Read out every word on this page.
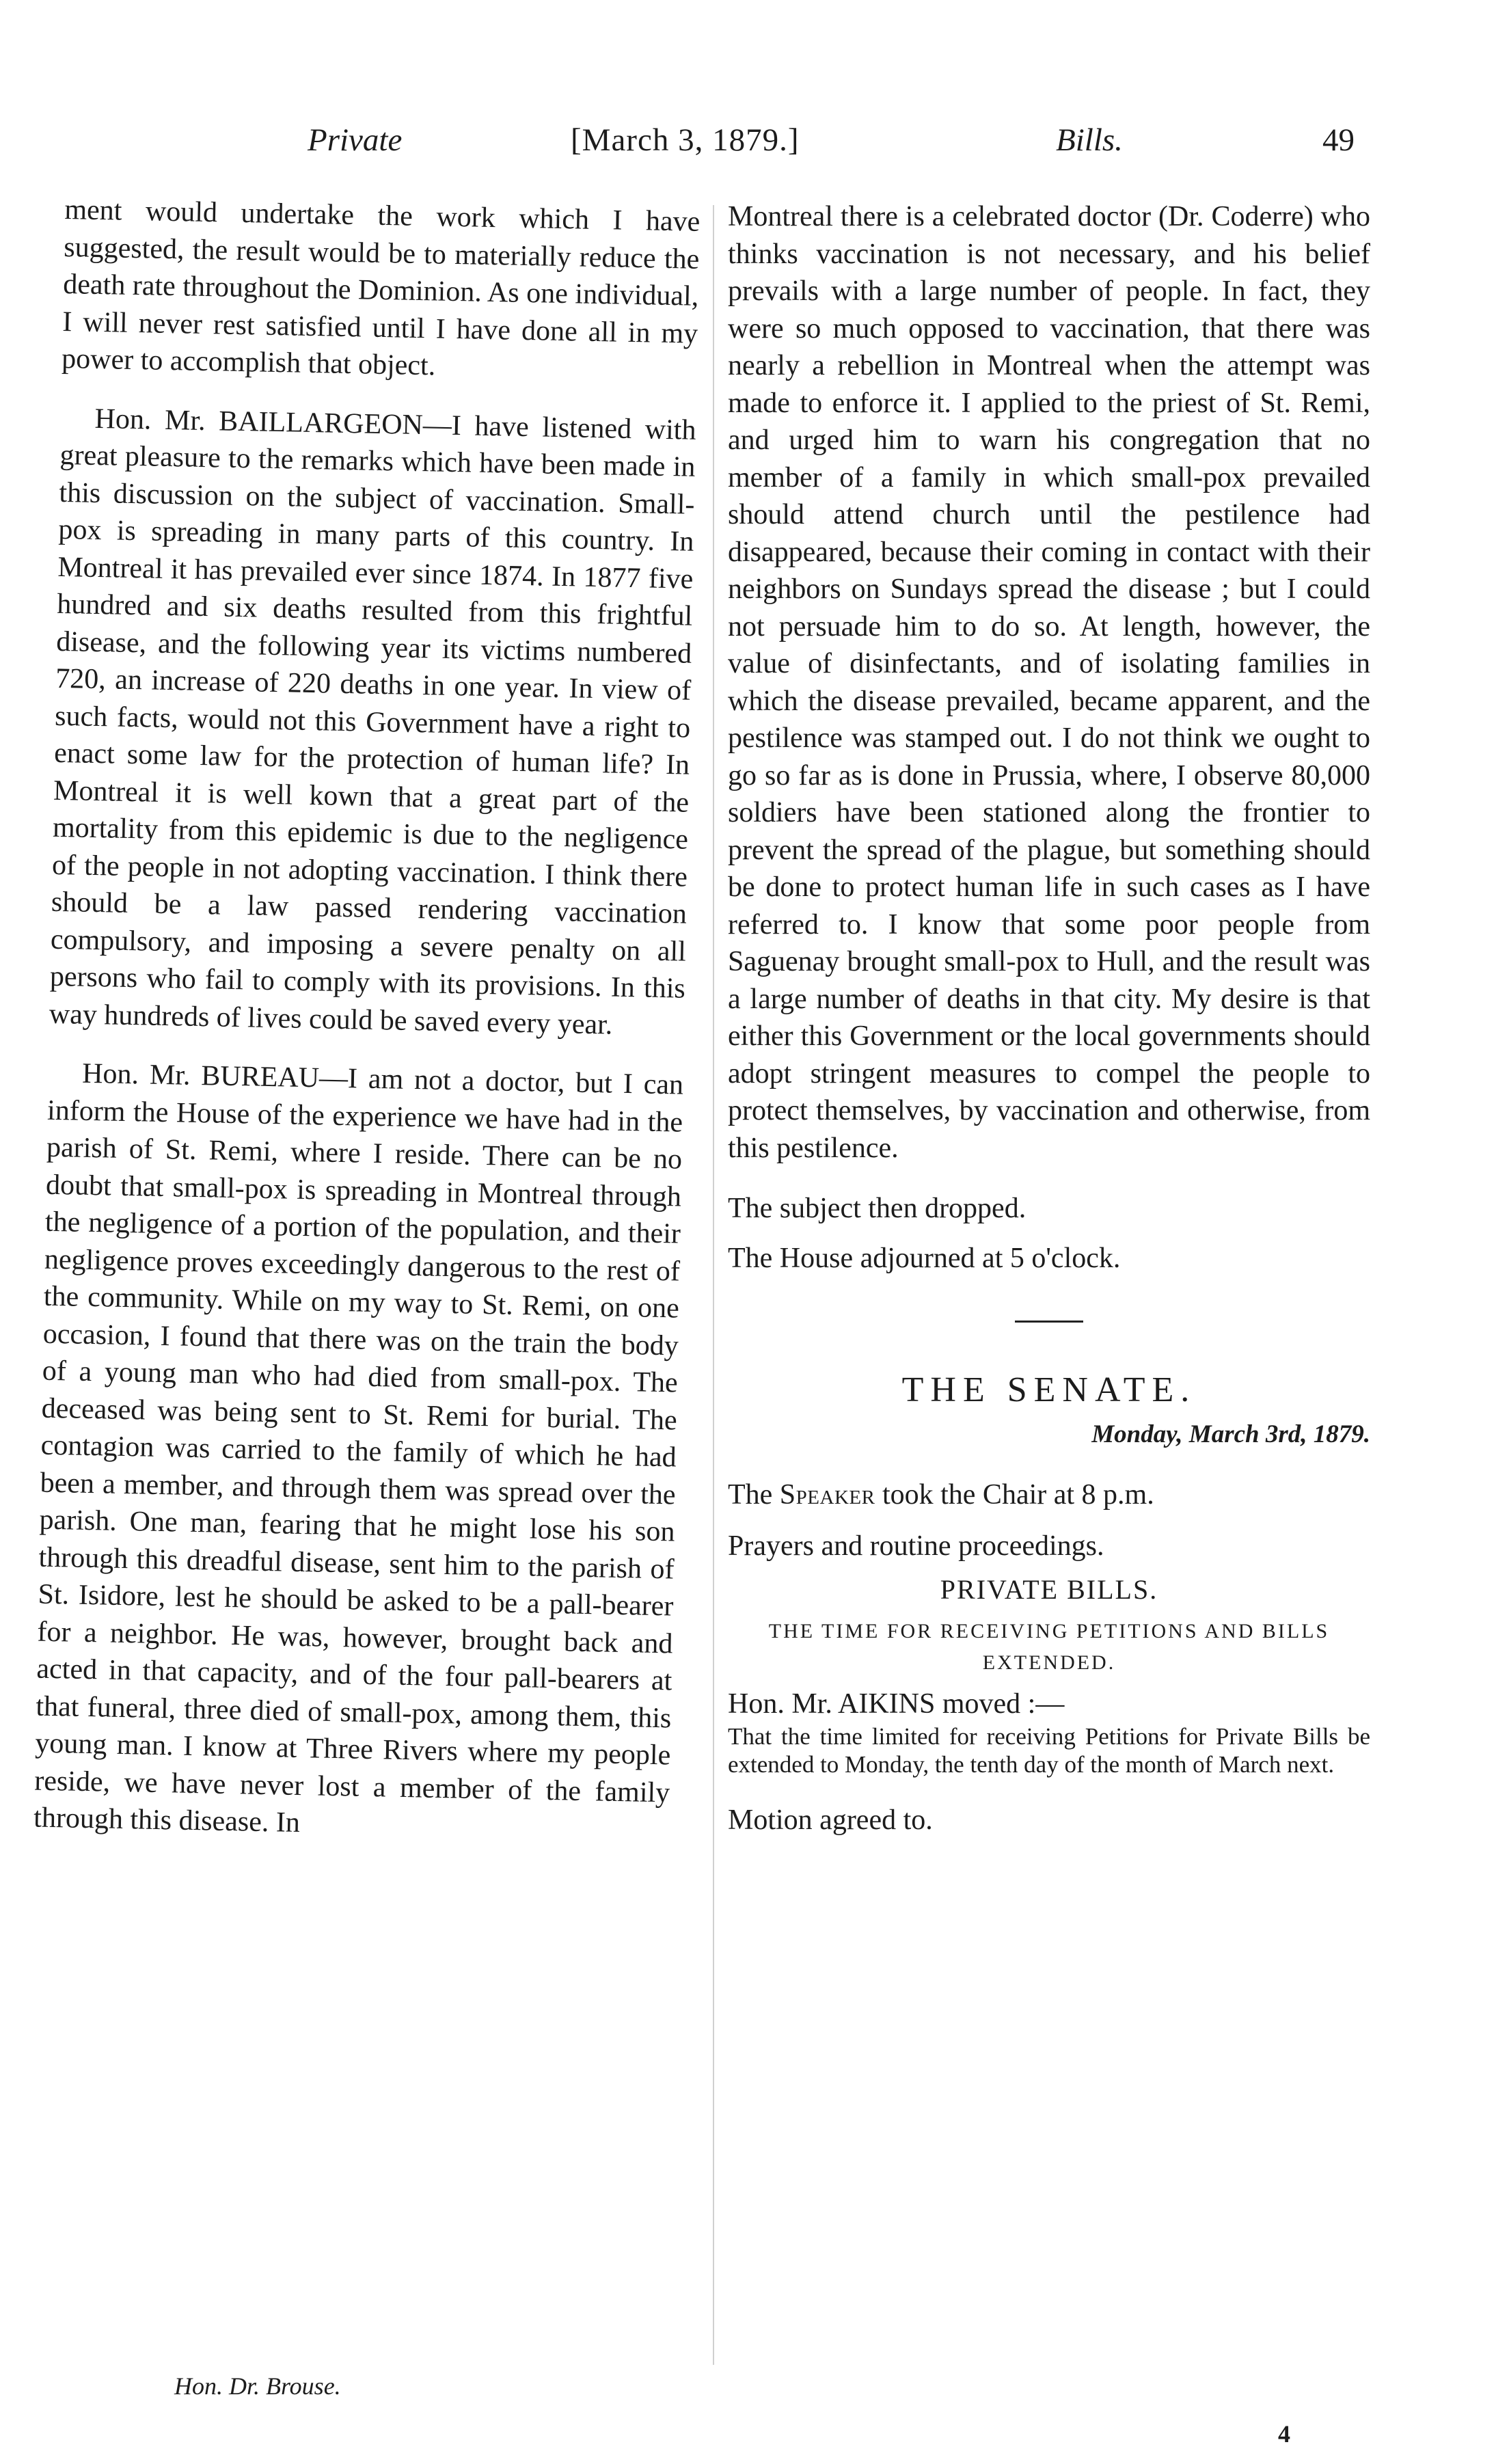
Private	[March 3, 1879.]	Bills.	49

ment would undertake the work which I have suggested, the result would be to materially reduce the death rate throughout the Dominion. As one individual, I will never rest satisfied until I have done all in my power to accomplish that object.

Hon. Mr. BAILLARGEON—I have listened with great pleasure to the remarks which have been made in this discussion on the subject of vaccination. Small-pox is spreading in many parts of this country. In Montreal it has prevailed ever since 1874. In 1877 five hundred and six deaths resulted from this frightful disease, and the following year its victims numbered 720, an increase of 220 deaths in one year. In view of such facts, would not this Government have a right to enact some law for the protection of human life? In Montreal it is well kown that a great part of the mortality from this epidemic is due to the negligence of the people in not adopting vaccination. I think there should be a law passed rendering vaccination compulsory, and imposing a severe penalty on all persons who fail to comply with its provisions. In this way hundreds of lives could be saved every year.

Hon. Mr. BUREAU—I am not a doctor, but I can inform the House of the experience we have had in the parish of St. Remi, where I reside. There can be no doubt that small-pox is spreading in Montreal through the negligence of a portion of the population, and their negligence proves exceedingly dangerous to the rest of the community. While on my way to St. Remi, on one occasion, I found that there was on the train the body of a young man who had died from small-pox. The deceased was being sent to St. Remi for burial. The contagion was carried to the family of which he had been a member, and through them was spread over the parish. One man, fearing that he might lose his son through this dreadful disease, sent him to the parish of St. Isidore, lest he should be asked to be a pall-bearer for a neighbor. He was, however, brought back and acted in that capacity, and of the four pall-bearers at that funeral, three died of small-pox, among them, this young man. I know at Three Rivers where my people reside, we have never lost a member of the family through this disease. In

Montreal there is a celebrated doctor (Dr. Coderre) who thinks vaccination is not necessary, and his belief prevails with a large number of people. In fact, they were so much opposed to vaccination, that there was nearly a rebellion in Montreal when the attempt was made to enforce it. I applied to the priest of St. Remi, and urged him to warn his congregation that no member of a family in which small-pox prevailed should attend church until the pestilence had disappeared, because their coming in contact with their neighbors on Sundays spread the disease ; but I could not persuade him to do so. At length, however, the value of disinfectants, and of isolating families in which the disease prevailed, became apparent, and the pestilence was stamped out. I do not think we ought to go so far as is done in Prussia, where, I observe 80,000 soldiers have been stationed along the frontier to prevent the spread of the plague, but something should be done to protect human life in such cases as I have referred to. I know that some poor people from Saguenay brought small-pox to Hull, and the result was a large number of deaths in that city. My desire is that either this Government or the local governments should adopt stringent measures to compel the people to protect themselves, by vaccination and otherwise, from this pestilence.

The subject then dropped.

The House adjourned at 5 o'clock.

THE SENATE.

Monday, March 3rd, 1879.

The Speaker took the Chair at 8 p.m.

Prayers and routine proceedings.

PRIVATE BILLS.

THE TIME FOR RECEIVING PETITIONS AND BILLS EXTENDED.

Hon. Mr. AIKINS moved :—

That the time limited for receiving Petitions for Private Bills be extended to Monday, the tenth day of the month of March next.

Motion agreed to.

Hon. Dr. Brouse.
4
